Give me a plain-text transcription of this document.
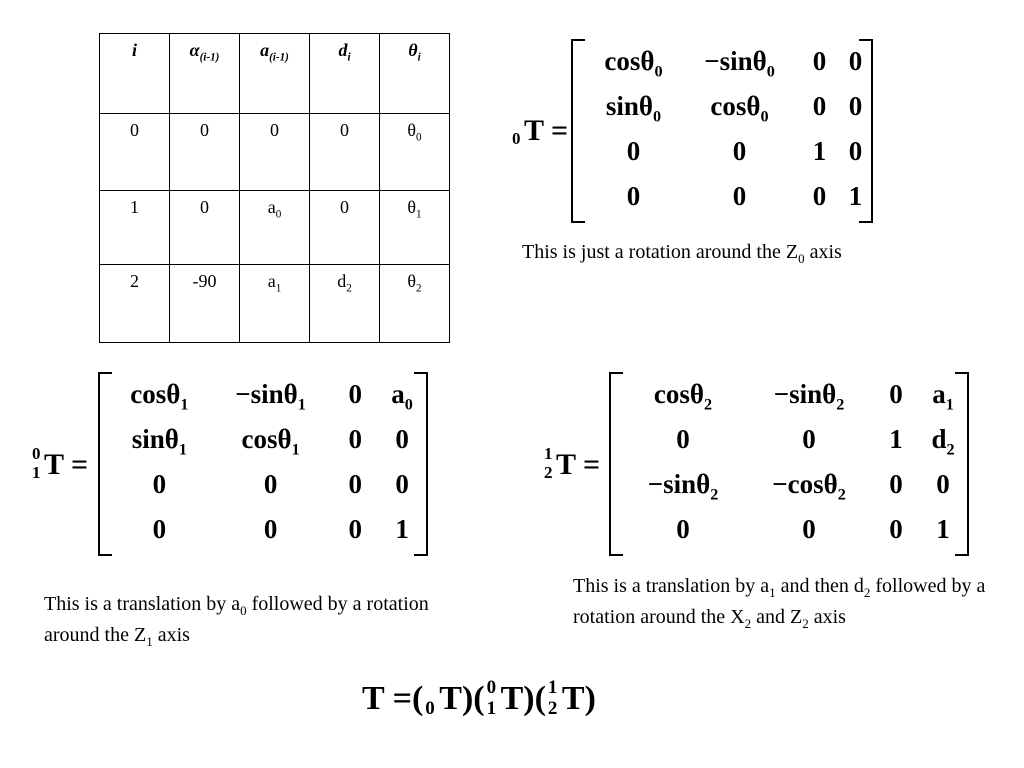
i	$\alpha_{(i-1)}$	$a_{(i-1)}$	$d_i$	$\theta_i$
0	0	0	0	$\theta_0$
1	0	$a_0$	0	$\theta_1$
2	-90	$a_1$	$d_2$	$\theta_2$
0 T =
cosθ$_0$	−sinθ$_0$	0	0
sinθ$_0$	cosθ$_0$	0	0
0	0	1	0
0	0	0	1
This is just a rotation around the $Z_0$ axis
0
1 T =
cosθ$_1$	−sinθ$_1$	0	$a_0$
sinθ$_1$	cosθ$_1$	0	0
0	0	0	0
0	0	0	1
This is a translation by $a_0$ followed by a rotation around the $Z_1$ axis
1
2 T =
cosθ$_2$	−sinθ$_2$	0	$a_1$
0	0	1	$d_2$
−sinθ$_2$	−cosθ$_2$	0	0
0	0	0	1
This is a translation by $a_1$ and then $d_2$ followed by a rotation around the $X_2$ and $Z_2$ axis
T =( 0 T)( 0
1 T)( 1
2 T)
